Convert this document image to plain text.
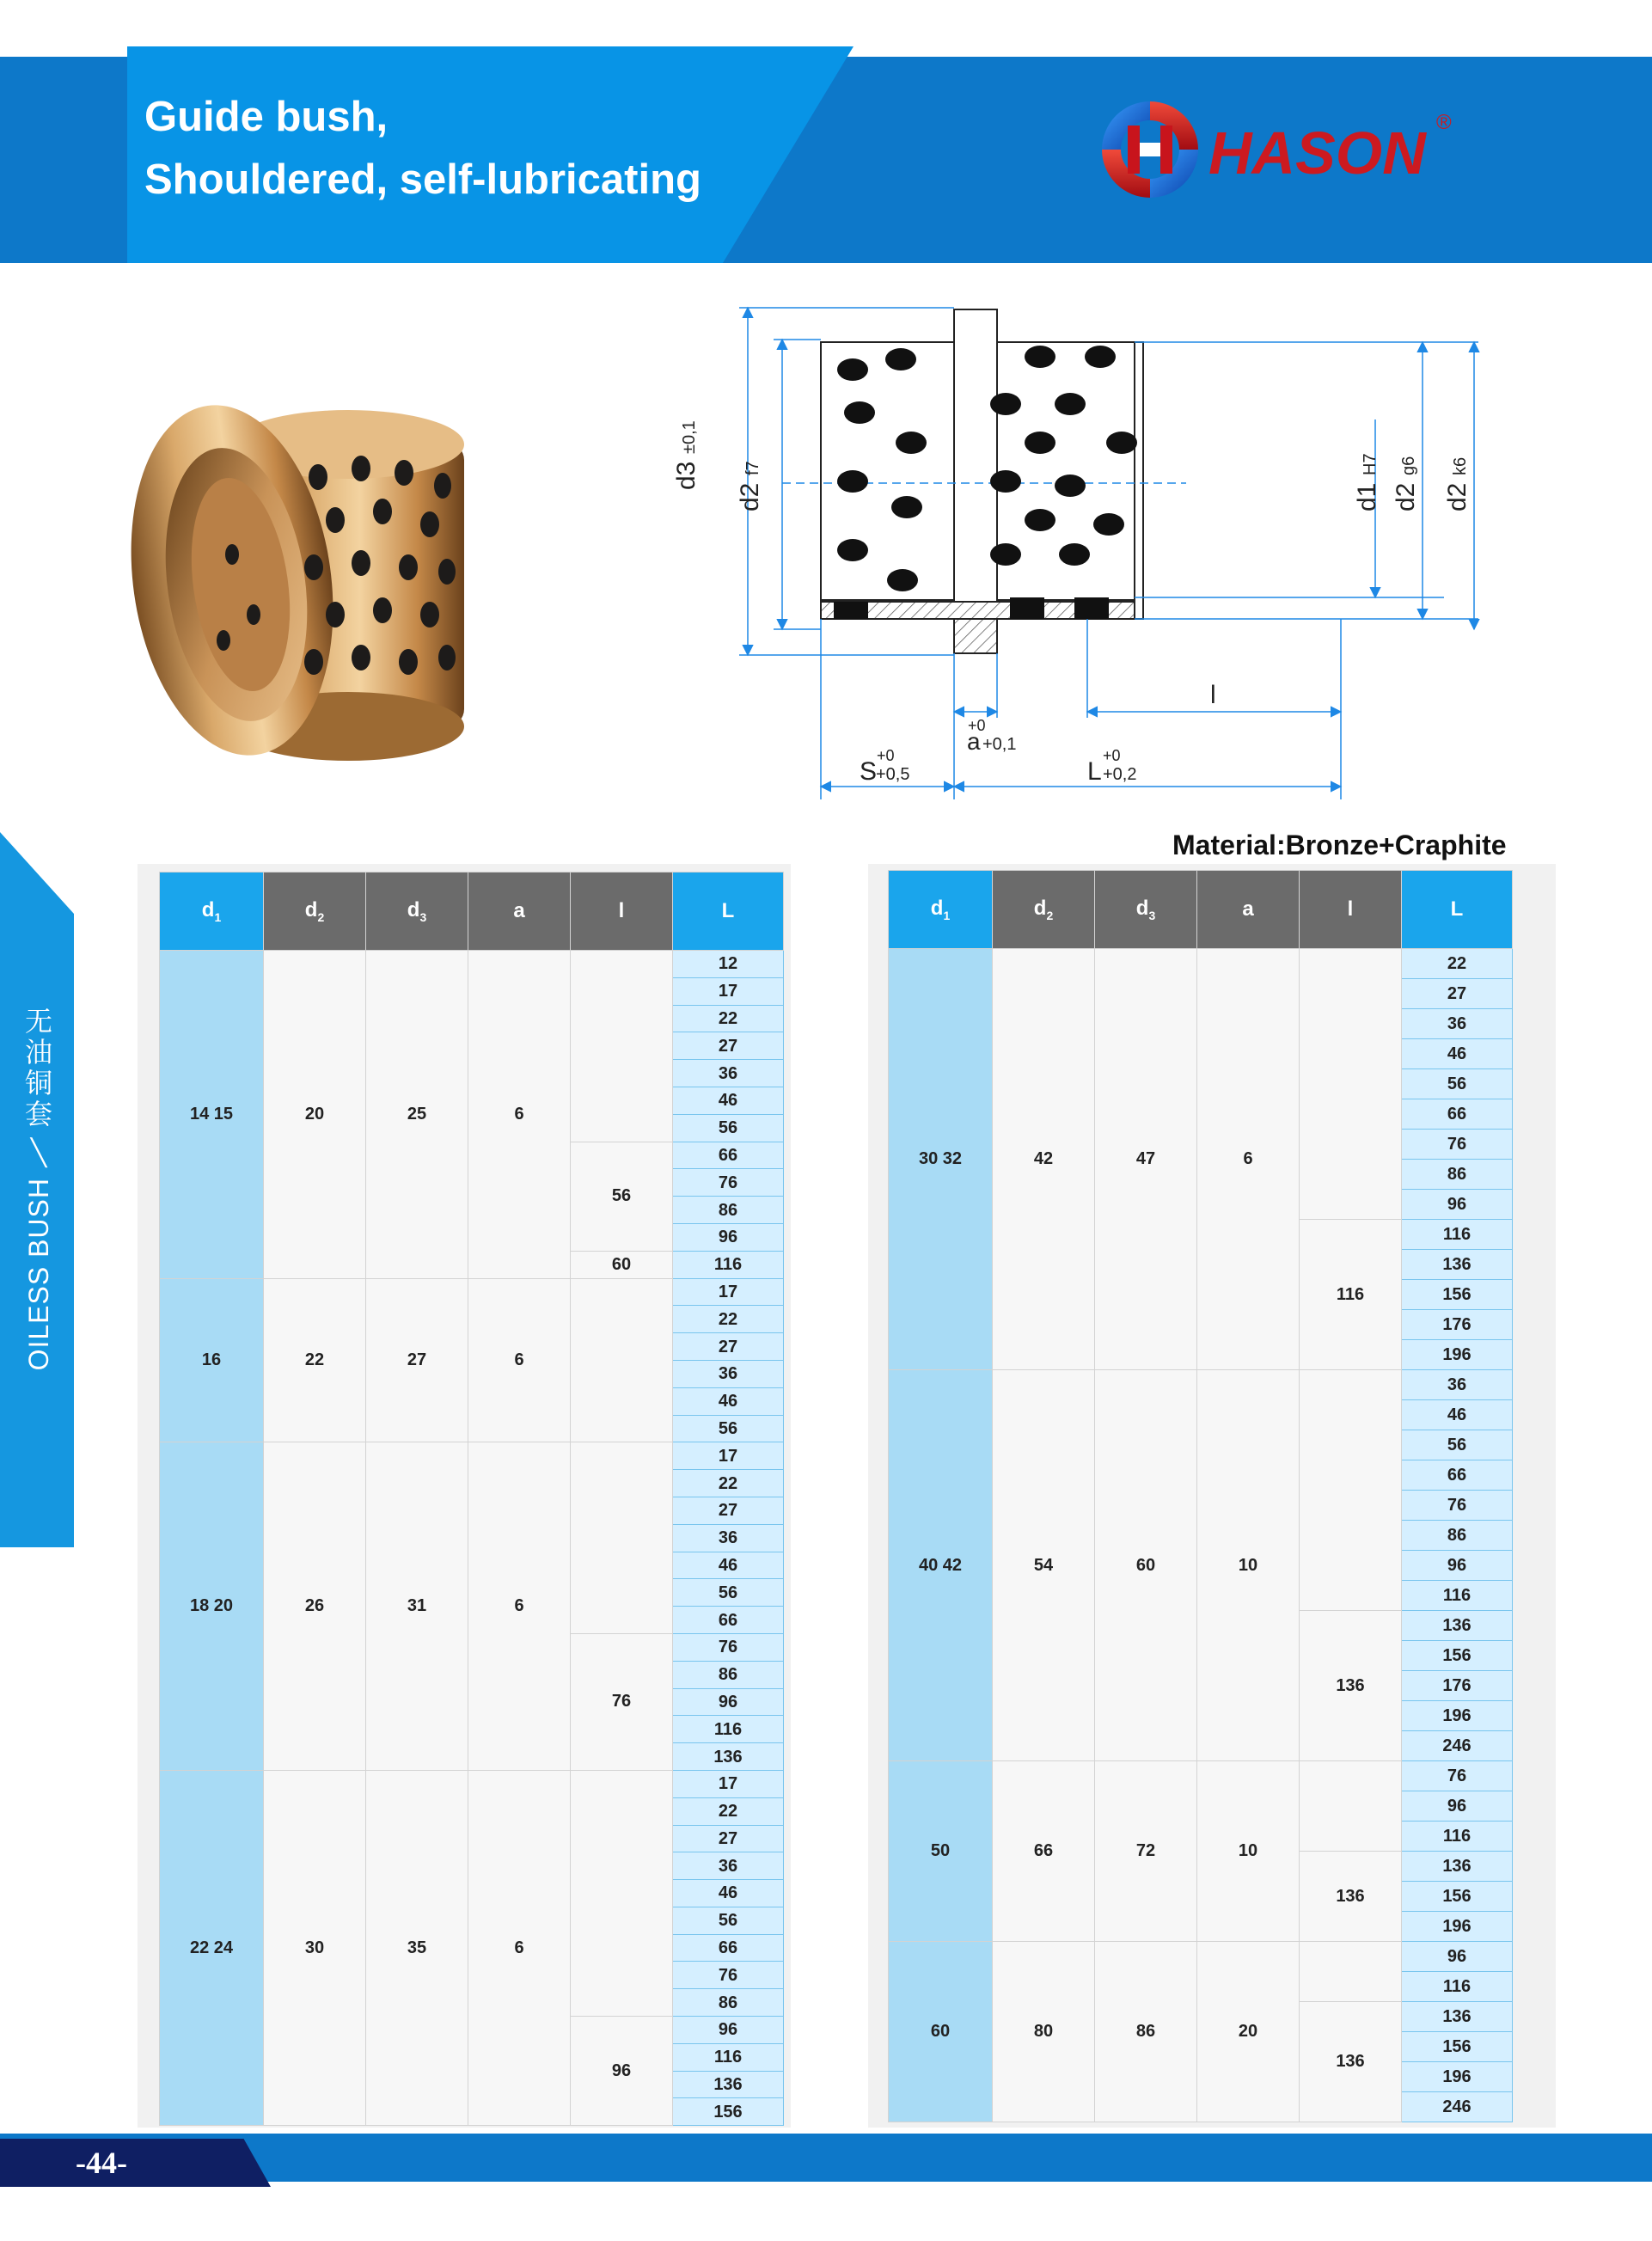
Guide bush,
Shouldered, self-lubricating	HASON ®
无油铜套
╲
OILESS BUSH
d3
±0,1
d2
f7
d1
H7
d2
g6
d2
k6
l
+0
a +0,1
+0
S
+0,5
+0
L +0,2
Material:Bronze+Craphite
$d_1$	$d_2$	$d_3$	a	l	L
14 15	20	25	6		12
					17
					22
					27
					36
					46
					56
				56	66
					76
					86
					96
				60	116
16	22	27	6		17
					22
					27
					36
					46
					56
18 20	26	31	6		17
					22
					27
					36
					46
					56
					66
				76	76
					86
					96
					116
					136
22 24	30	35	6		17
					22
					27
					36
					46
					56
					66
					76
					86
				96	96
					116
					136
					156
$d_1$	$d_2$	$d_3$	a	l	L
30 32	42	47	6		22
					27
					36
					46
					56
					66
					76
					86
					96
				116	116
					136
					156
					176
					196
40 42	54	60	10		36
					46
					56
					66
					76
					86
					96
					116
				136	136
					156
					176
					196
					246
50	66	72	10		76
					96
					116
				136	136
					156
					196
60	80	86	20		96
					116
				136	136
					156
					196
					246
-44-
